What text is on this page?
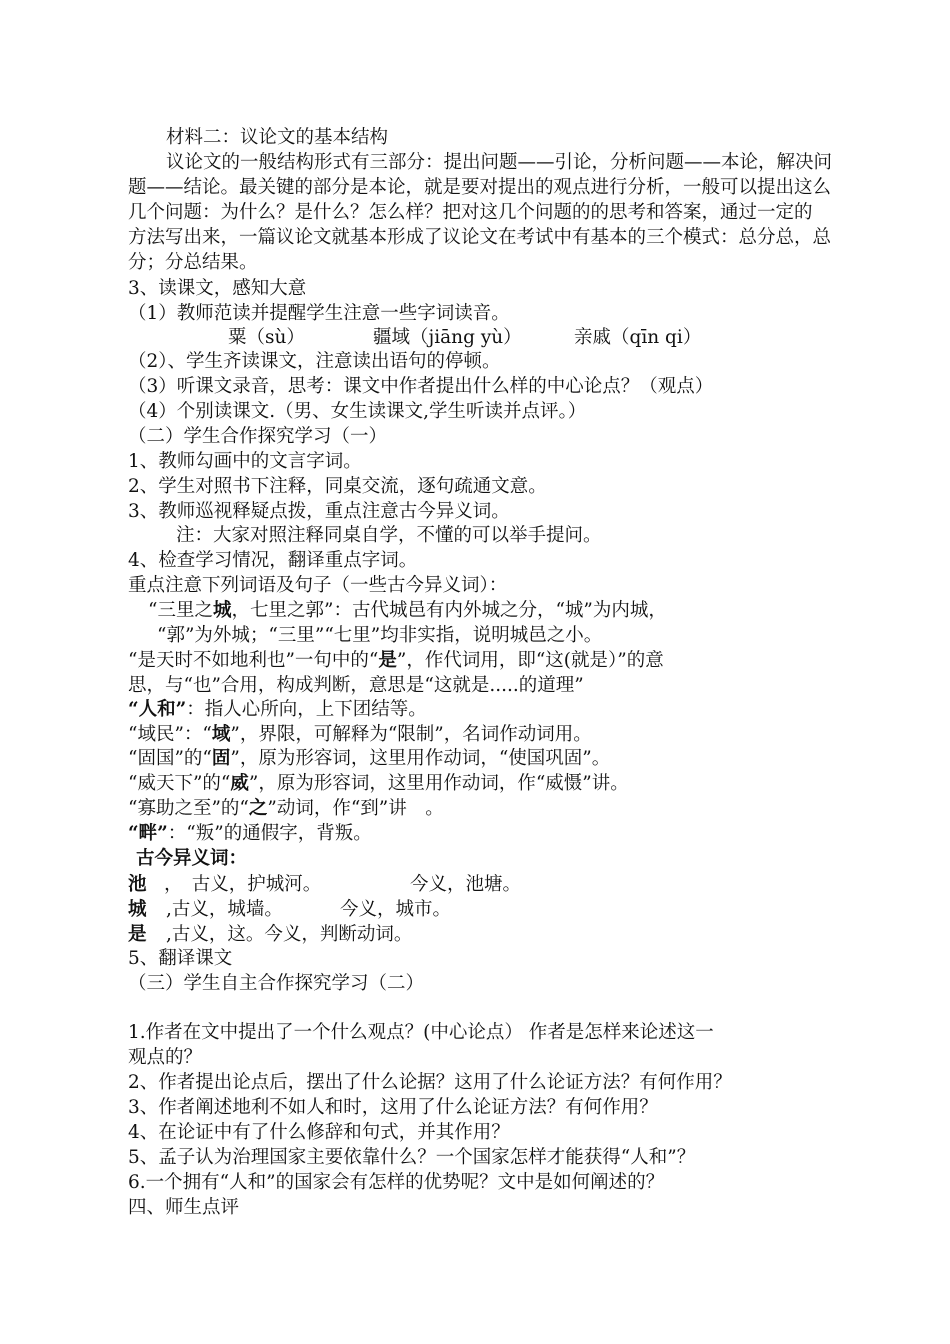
材料二：议论文的基本结构
议论文的一般结构形式有三部分：提出问题——引论，分析问题——本论，解决问
题——结论。最关键的部分是本论，就是要对提出的观点进行分析，一般可以提出这么
几个问题：为什么？是什么？怎么样？把对这几个问题的的思考和答案，通过一定的
方法写出来，一篇议论文就基本形成了议论文在考试中有基本的三个模式：总分总，总
分；分总结果。
3、读课文，感知大意
（1）教师范读并提醒学生注意一些字词读音。
粟（sù）	疆域（jiāng yù）	亲戚（qīn qi）
（2）、学生齐读课文，注意读出语句的停顿。
（3）听课文录音，思考：课文中作者提出什么样的中心论点？（观点）
（4）个别读课文.（男、女生读课文,学生听读并点评。）
（二）学生合作探究学习（一）
1、教师勾画中的文言字词。
2、学生对照书下注释，同桌交流，逐句疏通文意。
3、教师巡视释疑点拨，重点注意古今异义词。
注：大家对照注释同桌自学，不懂的可以举手提问。
4、检查学习情况，翻译重点字词。
重点注意下列词语及句子（一些古今异义词）：
“三里之城，七里之郭”：古代城邑有内外城之分，“城”为内城，
“郭”为外城；“三里”“七里”均非实指，说明城邑之小。
“是天时不如地利也”一句中的“是”，作代词用，即“这(就是）”的意
思，与“也”合用，构成判断，意思是“这就是.....的道理”
“人和”：指人心所向，上下团结等。
“域民”：“域”，界限，可解释为“限制”，名词作动词用。
“固国”的“固”，原为形容词，这里用作动词，“使国巩固”。
“威天下”的“威”，原为形容词，这里用作动词，作“威慑”讲。
“寡助之至”的“之”动词，作“到”讲　。
“畔”：“叛”的通假字，背叛。
古今异义词：
池 ，　古义，护城河。	今义，池塘。
城 ,古义，城墙。	今义，城市。
是 ,古义，这。今义，判断动词。
5、翻译课文
（三）学生自主合作探究学习（二）
1.作者在文中提出了一个什么观点？(中心论点） 作者是怎样来论述这一
观点的？
2、作者提出论点后，摆出了什么论据？这用了什么论证方法？有何作用？
3、作者阐述地利不如人和时，这用了什么论证方法？有何作用？
4、在论证中有了什么修辞和句式，并其作用？
5、孟子认为治理国家主要依靠什么？一个国家怎样才能获得“人和”？
6.一个拥有“人和”的国家会有怎样的优势呢？文中是如何阐述的？
四、师生点评
